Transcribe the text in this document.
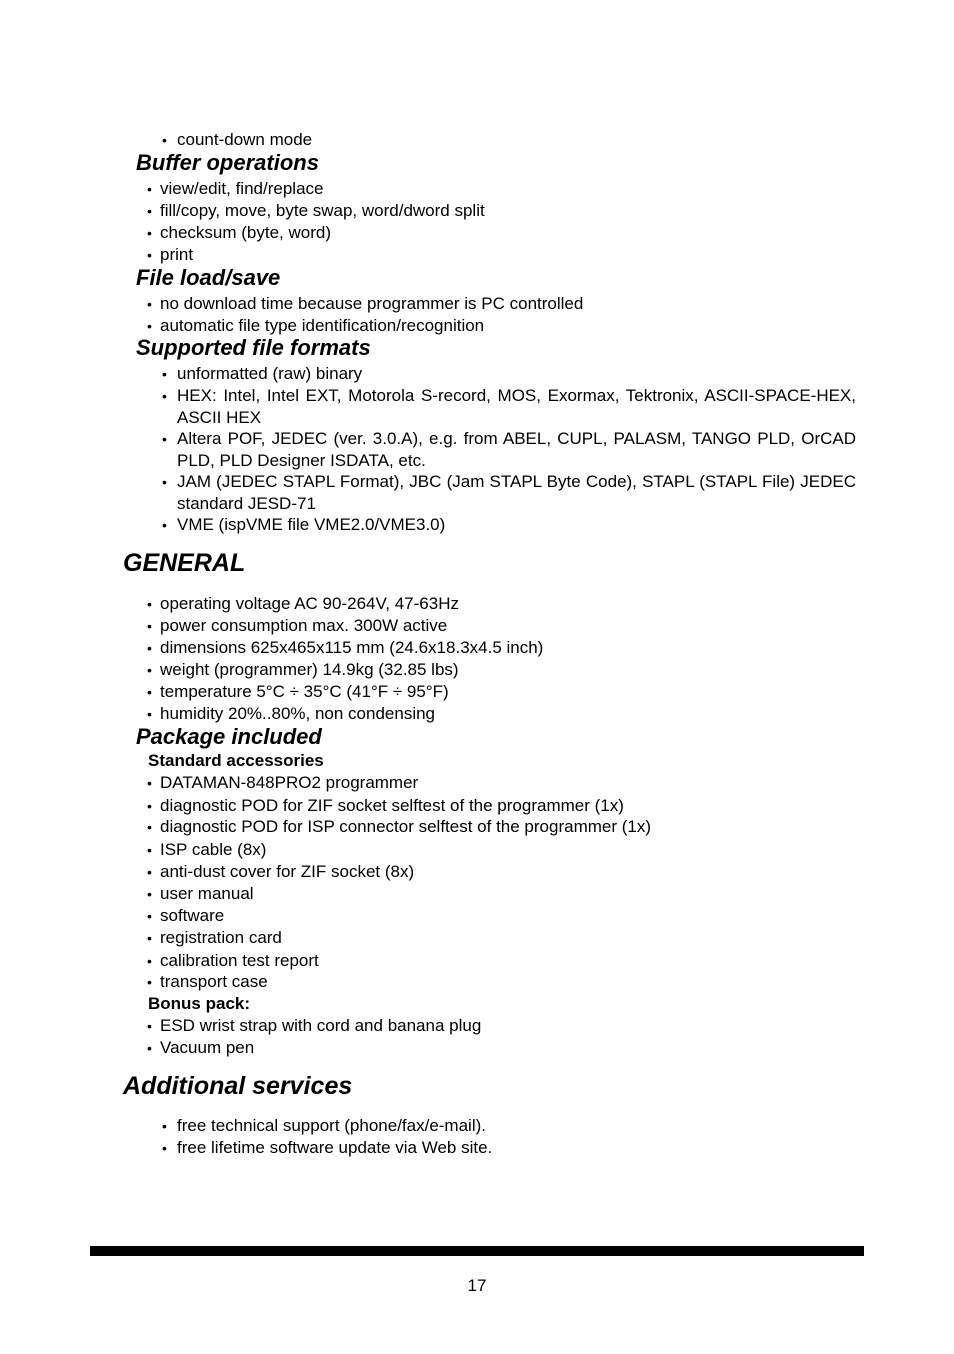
• count-down mode
Buffer operations
• view/edit, find/replace
• fill/copy, move, byte swap, word/dword split
• checksum (byte, word)
• print
File load/save
• no download time because programmer is PC controlled
• automatic file type identification/recognition
Supported file formats
• unformatted (raw) binary
• HEX: Intel, Intel EXT, Motorola S-record, MOS, Exormax, Tektronix, ASCII-SPACE-HEX, ASCII HEX
• Altera POF, JEDEC (ver. 3.0.A), e.g. from ABEL, CUPL, PALASM, TANGO PLD, OrCAD PLD, PLD Designer ISDATA, etc.
• JAM (JEDEC STAPL Format), JBC (Jam STAPL Byte Code), STAPL (STAPL File) JEDEC standard JESD-71
• VME (ispVME file VME2.0/VME3.0)
GENERAL
• operating voltage AC 90-264V, 47-63Hz
• power consumption max. 300W active
• dimensions 625x465x115 mm (24.6x18.3x4.5 inch)
• weight (programmer) 14.9kg (32.85 lbs)
• temperature 5°C ÷ 35°C (41°F ÷ 95°F)
• humidity 20%..80%, non condensing
Package included
Standard accessories
• DATAMAN-848PRO2 programmer
• diagnostic POD for ZIF socket selftest of the programmer (1x)
• diagnostic POD for ISP connector selftest of the programmer (1x)
• ISP cable (8x)
• anti-dust cover for ZIF socket (8x)
• user manual
• software
• registration card
• calibration test report
• transport case
Bonus pack:
• ESD wrist strap with cord and banana plug
• Vacuum pen
Additional services
• free technical support (phone/fax/e-mail).
• free lifetime software update via Web site.
17
